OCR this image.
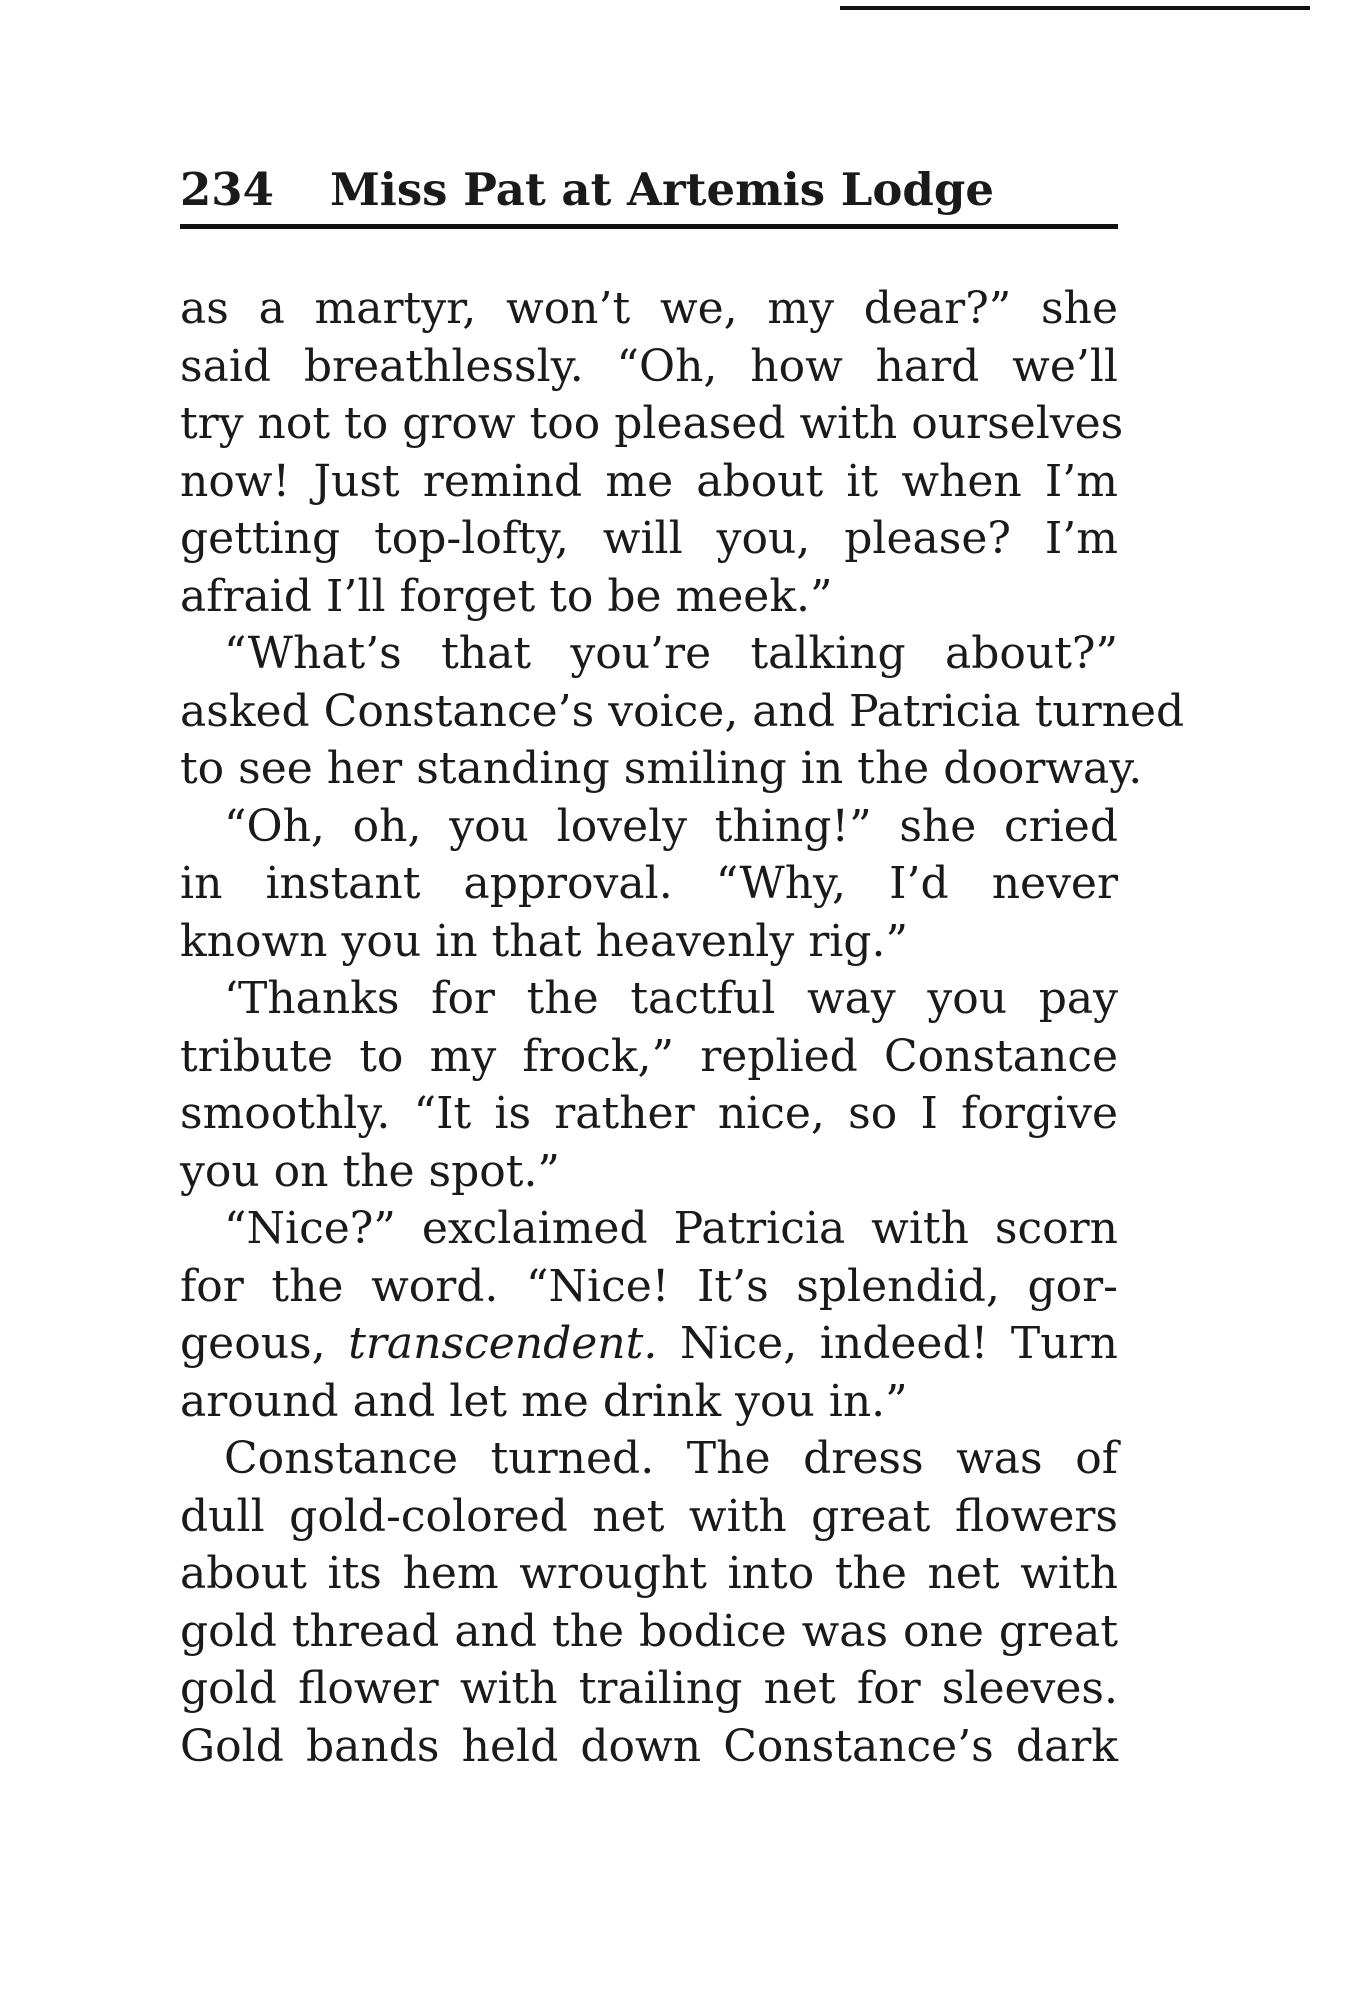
234 Miss Pat at Artemis Lodge
as a martyr, won’t we, my dear?” she
said breathlessly. “Oh, how hard we’ll
try not to grow too pleased with ourselves
now! Just remind me about it when I’m
getting top-lofty, will you, please? I’m
afraid I’ll forget to be meek.”
“What’s that you’re talking about?”
asked Constance’s voice, and Patricia turned
to see her standing smiling in the doorway.
“Oh, oh, you lovely thing!” she cried
in instant approval. “Why, I’d never
known you in that heavenly rig.”
‘Thanks for the tactful way you pay
tribute to my frock,” replied Constance
smoothly. “It is rather nice, so I forgive
you on the spot.”
“Nice?” exclaimed Patricia with scorn
for the word. “Nice! It’s splendid, gor-
geous, transcendent. Nice, indeed! Turn
around and let me drink you in.”
Constance turned. The dress was of
dull gold-colored net with great flowers
about its hem wrought into the net with
gold thread and the bodice was one great
gold flower with trailing net for sleeves.
Gold bands held down Constance’s dark
